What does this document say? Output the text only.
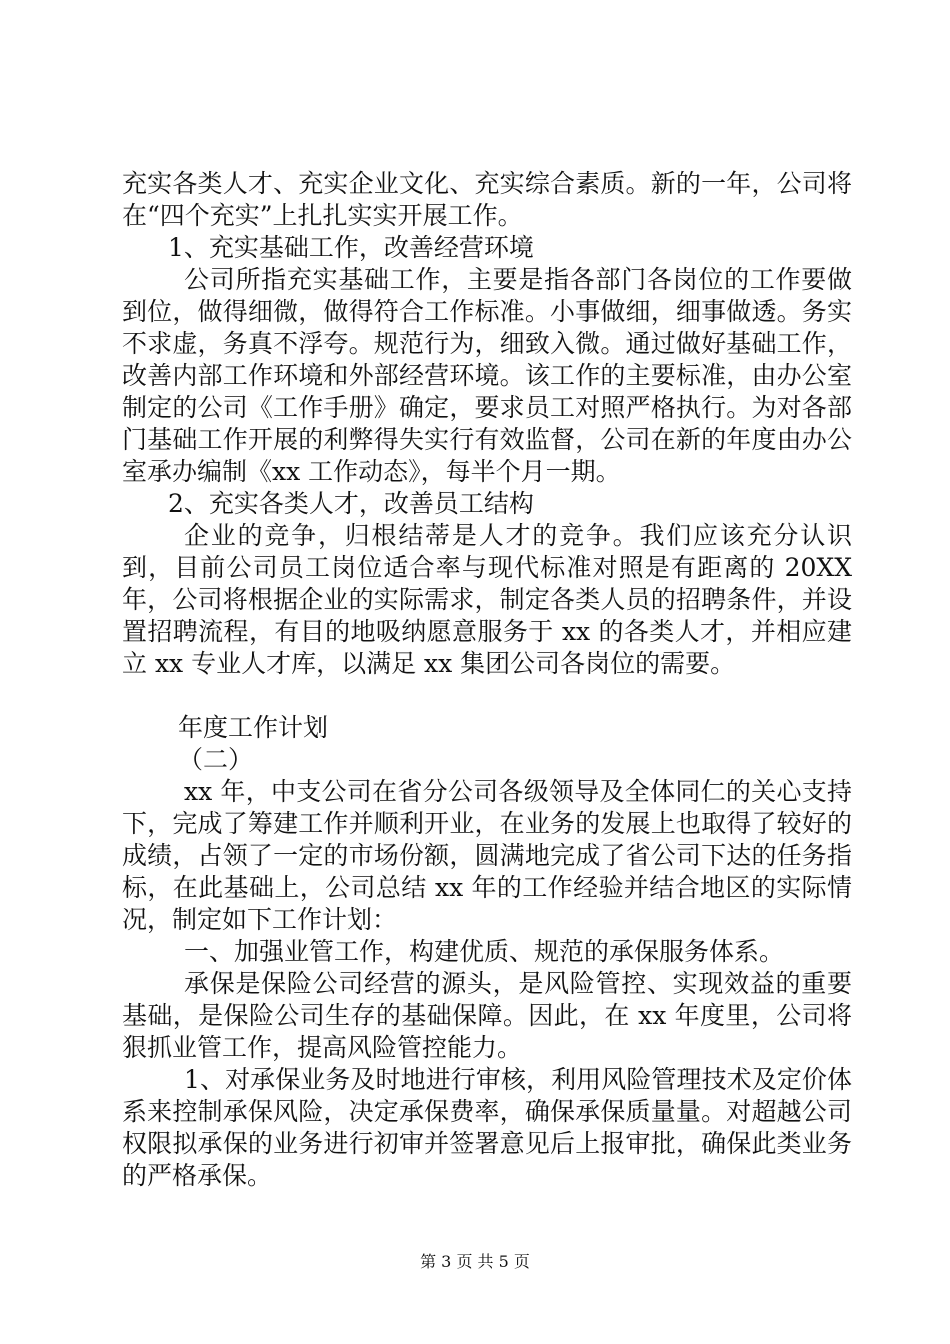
充实各类人才、充实企业文化、充实综合素质。新的一年，公司将在“四个充实”上扎扎实实开展工作。

1、充实基础工作，改善经营环境

公司所指充实基础工作，主要是指各部门各岗位的工作要做到位，做得细微，做得符合工作标准。小事做细，细事做透。务实不求虚，务真不浮夸。规范行为，细致入微。通过做好基础工作，改善内部工作环境和外部经营环境。该工作的主要标准，由办公室制定的公司《工作手册》确定，要求员工对照严格执行。为对各部门基础工作开展的利弊得失实行有效监督，公司在新的年度由办公室承办编制《xx 工作动态》，每半个月一期。

2、充实各类人才，改善员工结构

企业的竞争，归根结蒂是人才的竞争。我们应该充分认识到，目前公司员工岗位适合率与现代标准对照是有距离的 20XX 年，公司将根据企业的实际需求，制定各类人员的招聘条件，并设置招聘流程，有目的地吸纳愿意服务于 xx 的各类人才，并相应建立 xx 专业人才库，以满足 xx 集团公司各岗位的需要。

年度工作计划

（二）

xx 年，中支公司在省分公司各级领导及全体同仁的关心支持下，完成了筹建工作并顺利开业，在业务的发展上也取得了较好的成绩，占领了一定的市场份额，圆满地完成了省公司下达的任务指标，在此基础上，公司总结 xx 年的工作经验并结合地区的实际情况，制定如下工作计划：

一、加强业管工作，构建优质、规范的承保服务体系。

承保是保险公司经营的源头，是风险管控、实现效益的重要基础，是保险公司生存的基础保障。因此，在 xx 年度里，公司将狠抓业管工作，提高风险管控能力。

1、对承保业务及时地进行审核，利用风险管理技术及定价体系来控制承保风险，决定承保费率，确保承保质量量。对超越公司权限拟承保的业务进行初审并签署意见后上报审批，确保此类业务的严格承保。

第 3 页 共 5 页
